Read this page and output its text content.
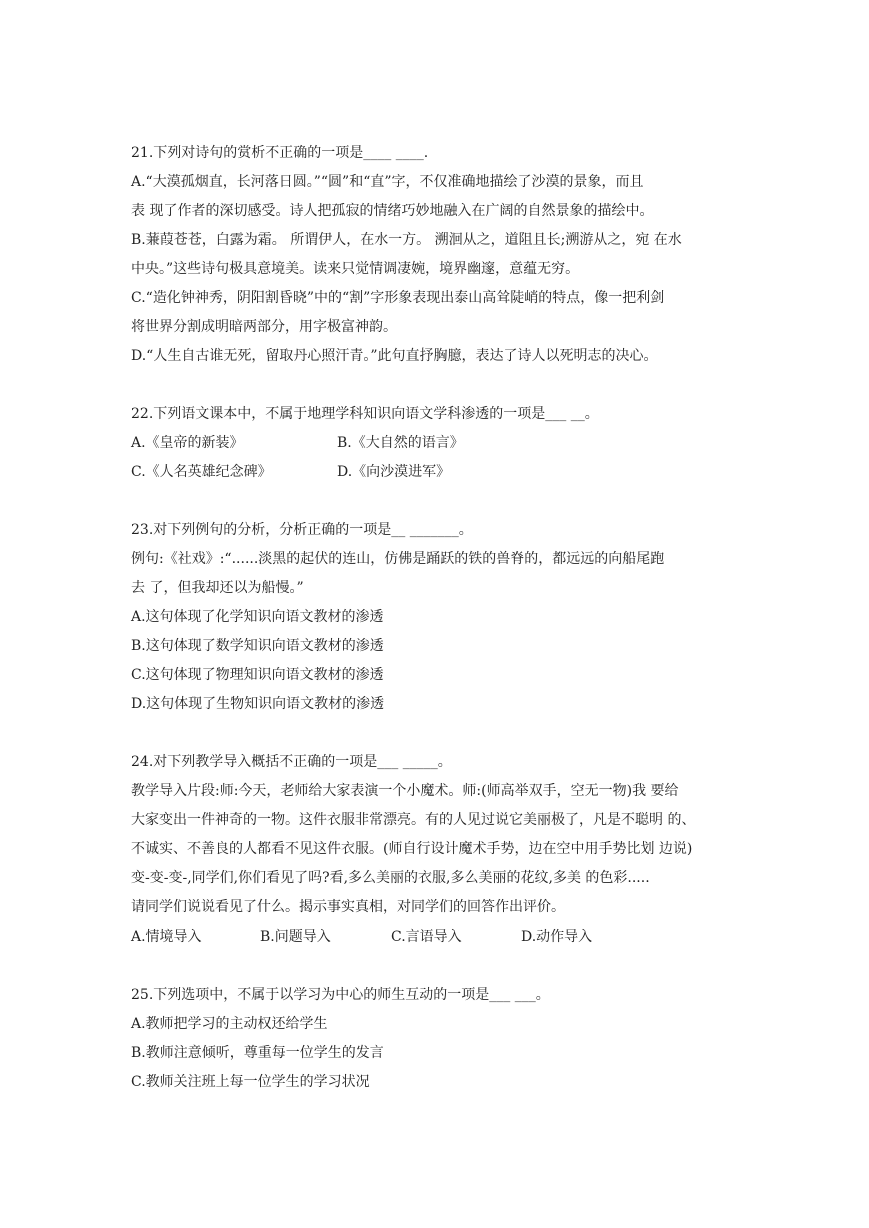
21.下列对诗句的赏析不正确的一项是____ ____.
A.“大漠孤烟直，长河落日圆。”“圆”和“直”字，不仅准确地描绘了沙漠的景象，而且
表 现了作者的深切感受。诗人把孤寂的情绪巧妙地融入在广阔的自然景象的描绘中。
B.蒹葭苍苍，白露为霜。 所谓伊人，在水一方。 溯洄从之，道阻且长;溯游从之，宛 在水
中央。”这些诗句极具意境美。读来只觉情调凄婉，境界幽邃，意蕴无穷。
C.“造化钟神秀，阴阳割昏晓”中的“割”字形象表现出泰山高耸陡峭的特点，像一把利剑
将世界分割成明暗两部分，用字极富神韵。
D.“人生自古谁无死，留取丹心照汗青。”此句直抒胸臆，表达了诗人以死明志的决心。
22.下列语文课本中，不属于地理学科知识向语文学科渗透的一项是___ __。

A.《皇帝的新装》

	B.《大自然的语言》

C.《人名英雄纪念碑》

	D.《向沙漠进军》

23.对下列例句的分析，分析正确的一项是__ _______。
例句:《社戏》:“......淡黑的起伏的连山，仿佛是踊跃的铁的兽脊的，都远远的向船尾跑
去 了，但我却还以为船慢。”
A.这句体现了化学知识向语文教材的渗透
B.这句体现了数学知识向语文教材的渗透
C.这句体现了物理知识向语文教材的渗透
D.这句体现了生物知识向语文教材的渗透
24.对下列教学导入概括不正确的一项是___ _____。
教学导入片段:师:今天，老师给大家表演一个小魔术。师:(师高举双手，空无一物)我 要给
大家变出一件神奇的一物。这件衣服非常漂亮。有的人见过说它美丽极了，凡是不聪明 的、
不诚实、不善良的人都看不见这件衣服。(师自行设计魔术手势，边在空中用手势比划 边说)
变-变-变-,同学们,你们看见了吗?看,多么美丽的衣服,多么美丽的花纹,多美 的色彩.....
请同学们说说看见了什么。揭示事实真相，对同学们的回答作出评价。

A.情境导入

	B.问题导入

	C.言语导入

	D.动作导入

25.下列选项中，不属于以学习为中心的师生互动的一项是___ ___。
A.教师把学习的主动权还给学生
B.教师注意倾听，尊重每一位学生的发言
C.教师关注班上每一位学生的学习状况
